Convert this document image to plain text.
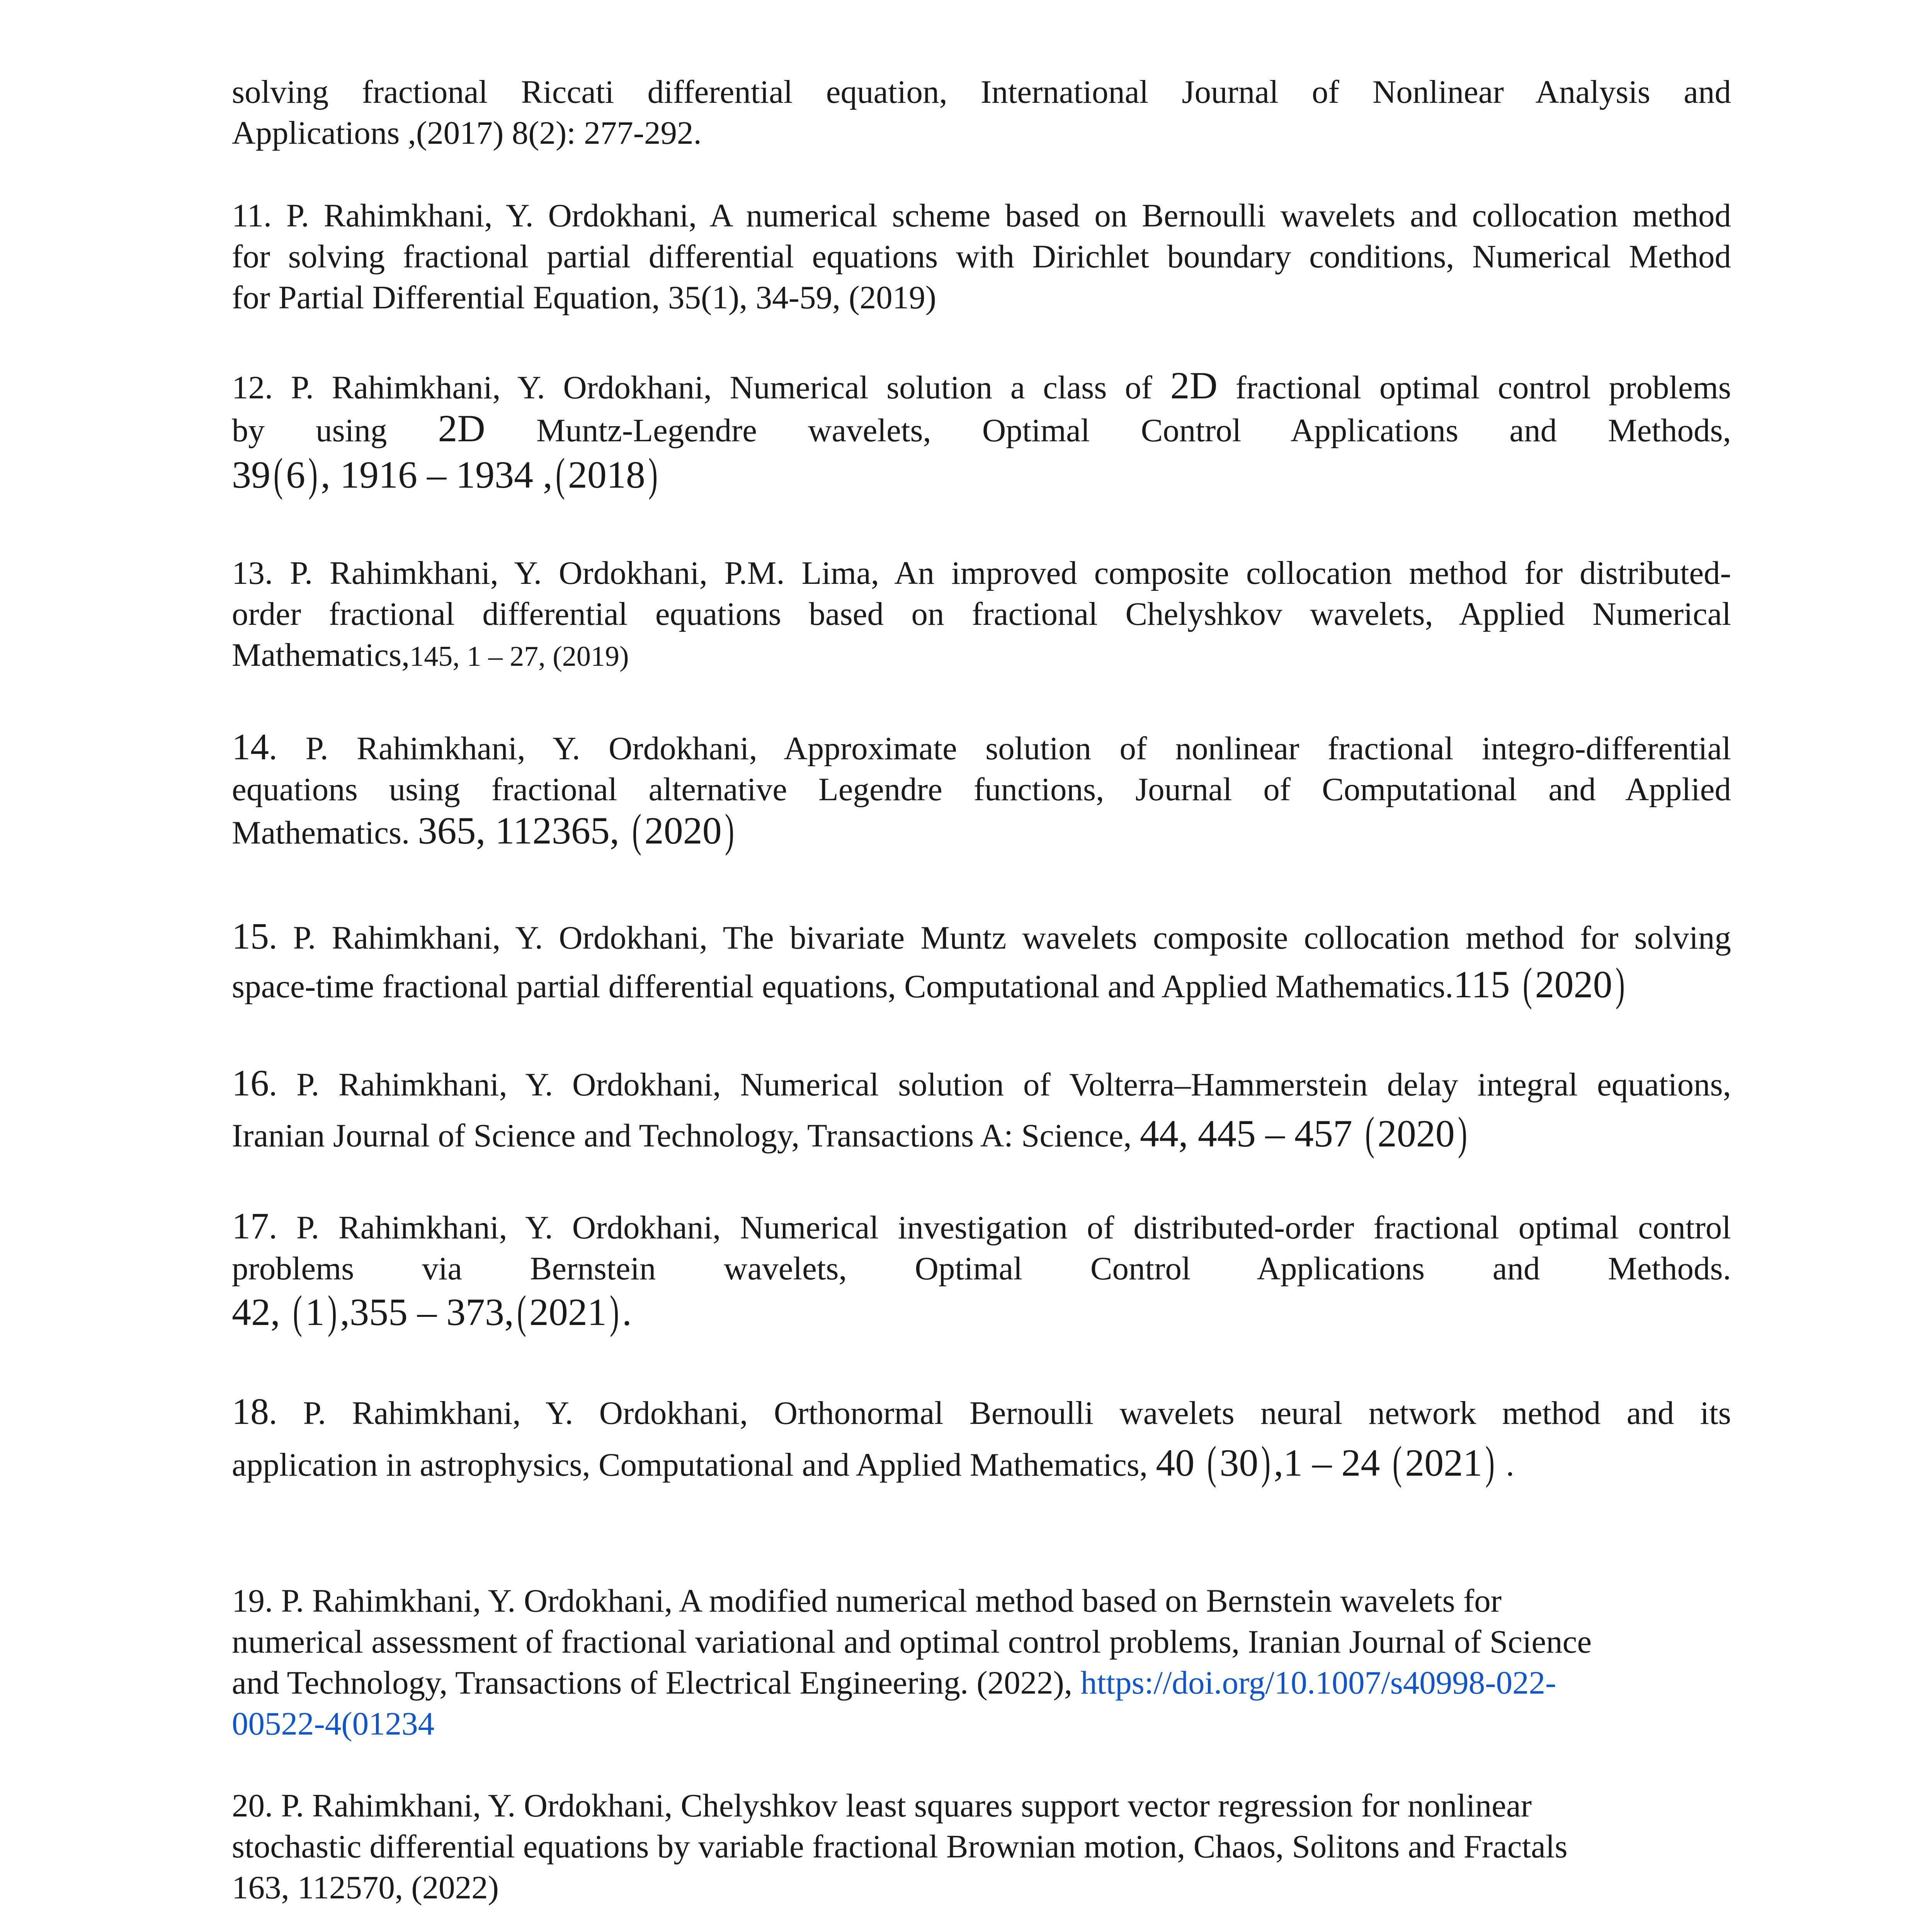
solving fractional Riccati differential equation, International Journal of Nonlinear Analysis and
Applications ,(2017) 8(2): 277-292.
11. P. Rahimkhani, Y. Ordokhani, A numerical scheme based on Bernoulli wavelets and collocation method
for solving fractional partial differential equations with Dirichlet boundary conditions, Numerical Method
for Partial Differential Equation, 35(1), 34-59, (2019)
12. P. Rahimkhani, Y. Ordokhani, Numerical solution a class of 2D fractional optimal control problems
by using 2D Muntz-Legendre wavelets, Optimal Control Applications and Methods,
39(6), 1916 – 1934 ,(2018)
13. P. Rahimkhani, Y. Ordokhani, P.M. Lima, An improved composite collocation method for distributed-
order fractional differential equations based on fractional Chelyshkov wavelets, Applied Numerical
Mathematics,145, 1 – 27, (2019)
14. P. Rahimkhani, Y. Ordokhani, Approximate solution of nonlinear fractional integro-differential
equations using fractional alternative Legendre functions, Journal of Computational and Applied
Mathematics. 365, 112365, (2020)
15. P. Rahimkhani, Y. Ordokhani, The bivariate Muntz wavelets composite collocation method for solving
space-time fractional partial differential equations, Computational and Applied Mathematics.115 (2020)
16. P. Rahimkhani, Y. Ordokhani, Numerical solution of Volterra–Hammerstein delay integral equations,
Iranian Journal of Science and Technology, Transactions A: Science, 44, 445 – 457 (2020)
17. P. Rahimkhani, Y. Ordokhani, Numerical investigation of distributed-order fractional optimal control
problems via Bernstein wavelets, Optimal Control Applications and Methods.
42, (1),355 – 373,(2021).
18. P. Rahimkhani, Y. Ordokhani, Orthonormal Bernoulli wavelets neural network method and its
application in astrophysics, Computational and Applied Mathematics, 40 (30),1 – 24 (2021) .
19. P. Rahimkhani, Y. Ordokhani, A modified numerical method based on Bernstein wavelets for
numerical assessment of fractional variational and optimal control problems, Iranian Journal of Science
and Technology, Transactions of Electrical Engineering. (2022), https://doi.org/10.1007/s40998-022-
00522-4(01234
20. P. Rahimkhani, Y. Ordokhani, Chelyshkov least squares support vector regression for nonlinear
stochastic differential equations by variable fractional Brownian motion, Chaos, Solitons and Fractals
163, 112570, (2022)
